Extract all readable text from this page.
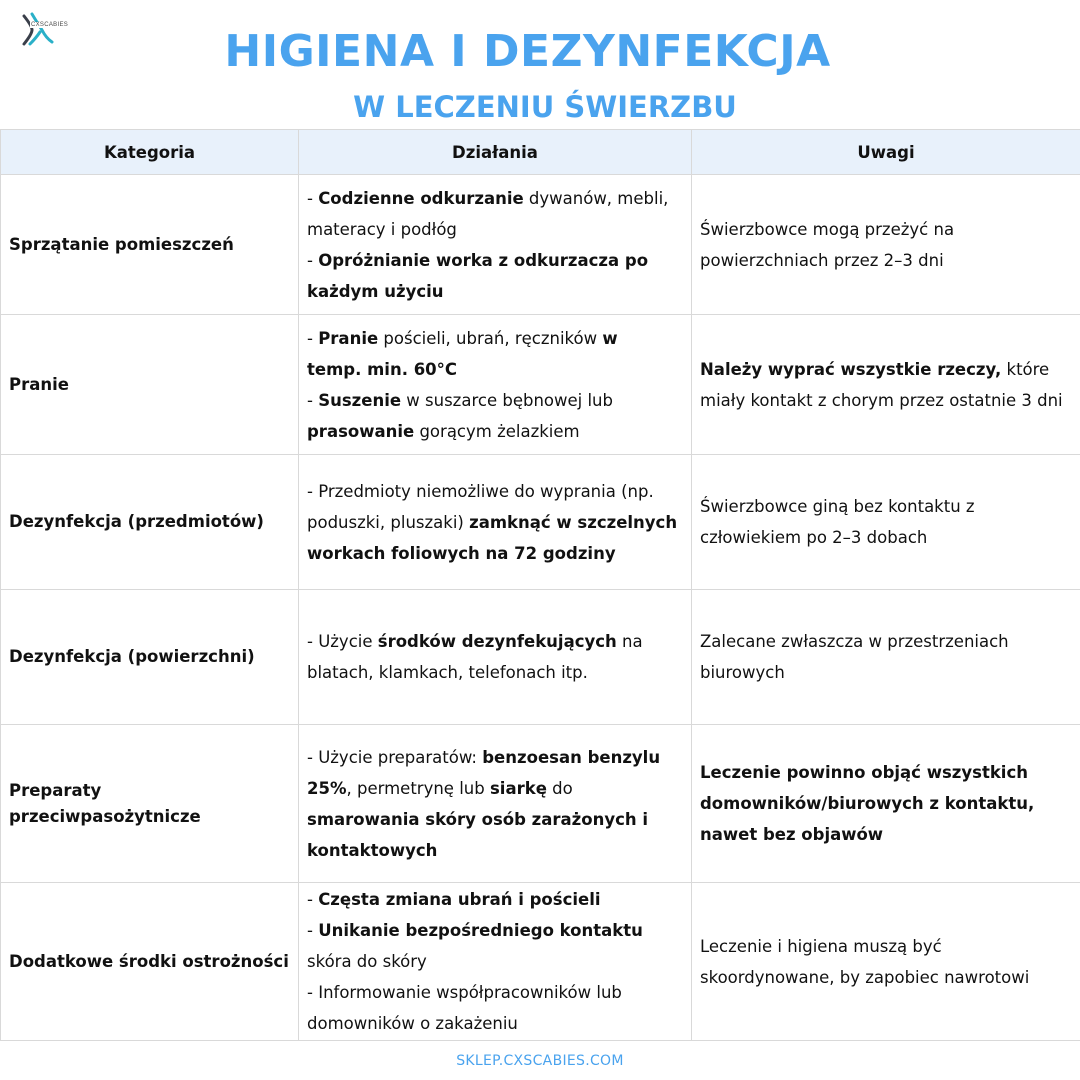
CXSCABIES
HIGIENA I DEZYNFEKCJA
W LECZENIU ŚWIERZBU
Kategoria	Działania	Uwagi
Sprzątanie pomieszczeń	- Codzienne odkurzanie dywanów, mebli,
materacy i podłóg
- Opróżnianie worka z odkurzacza po
każdym użyciu	Świerzbowce mogą przeżyć na
powierzchniach przez 2–3 dni

Pranie	- Pranie pościeli, ubrań, ręczników w
temp. min. 60°C
- Suszenie w suszarce bębnowej lub
prasowanie gorącym żelazkiem	Należy wyprać wszystkie rzeczy, które
miały kontakt z chorym przez ostatnie 3 dni

Dezynfekcja (przedmiotów)	- Przedmioty niemożliwe do wyprania (np.
poduszki, pluszaki) zamknąć w szczelnych
workach foliowych na 72 godziny	Świerzbowce giną bez kontaktu z
człowiekiem po 2–3 dobach

Dezynfekcja (powierzchni)	- Użycie środków dezynfekujących na
blatach, klamkach, telefonach itp.	Zalecane zwłaszcza w przestrzeniach
biurowych

Preparaty przeciwpasożytnicze	- Użycie preparatów: benzoesan benzylu
25%, permetrynę lub siarkę do
smarowania skóry osób zarażonych i
kontaktowych	Leczenie powinno objąć wszystkich
domowników/biurowych z kontaktu,
nawet bez objawów

Dodatkowe środki ostrożności	- Częsta zmiana ubrań i pościeli
- Unikanie bezpośredniego kontaktu
skóra do skóry
- Informowanie współpracowników lub
domowników o zakażeniu	Leczenie i higiena muszą być
skoordynowane, by zapobiec nawrotowi
SKLEP.CXSCABIES.COM
